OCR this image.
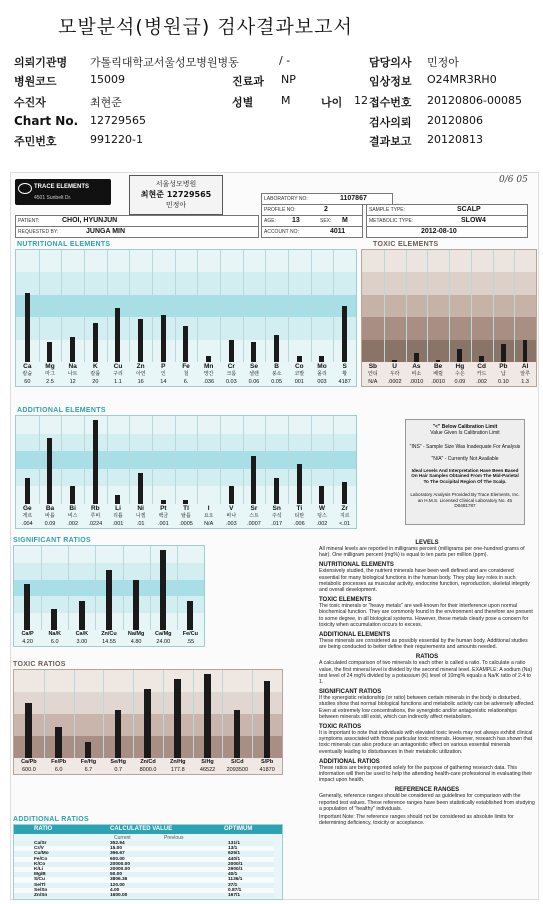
모발분석(병원급) 검사결과보고서
의뢰기관명 가톨릭대학교서울성모병원병동	/ -	담당의사 민정아
병원코드	15009	진료과 NP	임상정보 O24MR3RH0
수진자	최현준	성별	M	나이 12 접수번호 20120806-00085
Chart No. 12729565	검사의뢰 20120806
주민번호	991220-1	결과보고 20120813
TRACE ELEMENTS
4501 Sunbelt Dr.
서울성모병원
최현준 12729565
민정아
0/6 05
LABORATORY NO:	1107867
PROFILE NO:	2	SAMPLE TYPE:	SCALP
PATIENT:	CHOI, HYUNJUN	AGE: 13	SEX: M	METABOLIC TYPE:	SLOW4
REQUESTED BY:	JUNGA MIN	ACCOUNT NO:	4011	2012-08-10
NUTRITIONAL ELEMENTS
Ca
칼슘
60
Mg
마그
2.5
Na
나트
12
K
칼륨
20
Cu
구리
1.1
Zn
아연
16
P
인
14
Fe
철
6.
Mn
망간
.036
Cr
크롬
0.03
Se
셀렌
0.06
B
붕소
0.05
Co
코발
001
Mo
몰리
003
S
황
4187
TOXIC ELEMENTS
Sb
안티
N/A
U
우라
.0002
As
비소
.0010
Be
베릴
.0010
Hg
수은
0.09
Cd
카드
.002
Pb
납
0.10
Al
알루
1.3
ADDITIONAL ELEMENTS
Ge
게르
.004
Ba
바륨
0.09
Bi
비스
.002
Rb
루비
.0224
Li
리튬
.001
Ni
니켈
.01
Pt
백금
.001
Tl
탈륨
.0005
I
요오
N/A
V
바나
.003
Sr
스트
.0007
Sn
주석
.017
Ti
티탄
.006
W
텅스
.002
Zr
지르
<.01
"<" Below Calibration Limit
Value Given Is Calibration Limit
"INS" - Sample Size Was Inadequate For Analysis
"N/A" - Currently Not Available
Ideal Levels And Interpretation Have Been Based On Hair Samples Obtained From The Mid-Parietal To The Occipital Region Of The Scalp.
Laboratory Analysis Provided By Trace Elements, Inc. an H.M.S. Licensed Clinical Laboratory No. 45 D0481787
SIGNIFICANT RATIOS
Ca/P
4.20
Na/K
6.0
Ca/K
3.00
Zn/Cu
14.55
Na/Mg
4.80
Ca/Mg
24.00
Fe/Cu
.55
TOXIC RATIOS
Ca/Pb
600.0
Fe/Pb
6.0
Fe/Hg
6.7
Se/Hg
0.7
Zn/Cd
8000.0
Zn/Hg
177.8
S/Hg
46522
S/Cd
2093500
S/Pb
41870
ADDITIONAL RATIOS
RATIO	CALCULATED VALUE	OPTIMUM
Current	Previous
Ca/Sr	352.94	131/1
Cr/V	15.00	13/1
Cu/Mo	366.67	625/1
Fe/Co	600.00	440/1
K/Co	20000.00	2000/1
K/Li	20000.00	2900/1
Mg/B	50.00	40/1
S/Cu	3806.36	1136/1
Se/Tl	120.00	37/1
Se/Sn	4.00	0.87/1
Zn/Sn	1600.00	167/1
LEVELS
All mineral levels are reported in milligrams percent (milligrams per one-hundred grams of hair). One milligram percent (mg%) is equal to ten parts per million (ppm).
NUTRITIONAL ELEMENTS
Extensively studied, the nutrient minerals have been well defined and are considered essential for many biological functions in the human body. They play key roles in such metabolic processes as muscular activity, endocrine function, reproduction, skeletal integrity and overall development.
TOXIC ELEMENTS
The toxic minerals or "heavy metals" are well-known for their interference upon normal biochemical function. They are commonly found in the environment and therefore are present to some degree, in all biological systems. However, these metals clearly pose a concern for toxicity when accumulation occurs to excess.
ADDITIONAL ELEMENTS
These minerals are considered as possibly essential by the human body. Additional studies are being conducted to better define their requirements and amounts needed.
RATIOS
A calculated comparison of two minerals to each other is called a ratio. To calculate a ratio value, the first mineral level is divided by the second mineral level. EXAMPLE: A sodium (Na) test level of 24 mg% divided by a potassium (K) level of 10mg% equals a Na/K ratio of 2.4 to 1.
SIGNIFICANT RATIOS
If the synergistic relationship (or ratio) between certain minerals in the body is disturbed, studies show that normal biological functions and metabolic activity can be adversely affected. Even at extremely low concentrations, the synergistic and/or antagonistic relationships between minerals still exist, which can indirectly affect metabolism.
TOXIC RATIOS
It is important to note that individuals with elevated toxic levels may not always exhibit clinical symptoms associated with those particular toxic minerals. However, research has shown that toxic minerals can also produce an antagonistic effect on various essential minerals eventually leading to disturbances in their metabolic utilization.
ADDITIONAL RATIOS
These ratios are being reported solely for the purpose of gathering research data. This information will then be used to help the attending health-care professional in evaluating their impact upon health.
REFERENCE RANGES
Generally, reference ranges should be considered as guidelines for comparison with the reported test values. These reference ranges have been statistically established from studying a population of "healthy" individuals.
Important Note: The reference ranges should not be considered as absolute limits for determining deficiency, toxicity or acceptance.
